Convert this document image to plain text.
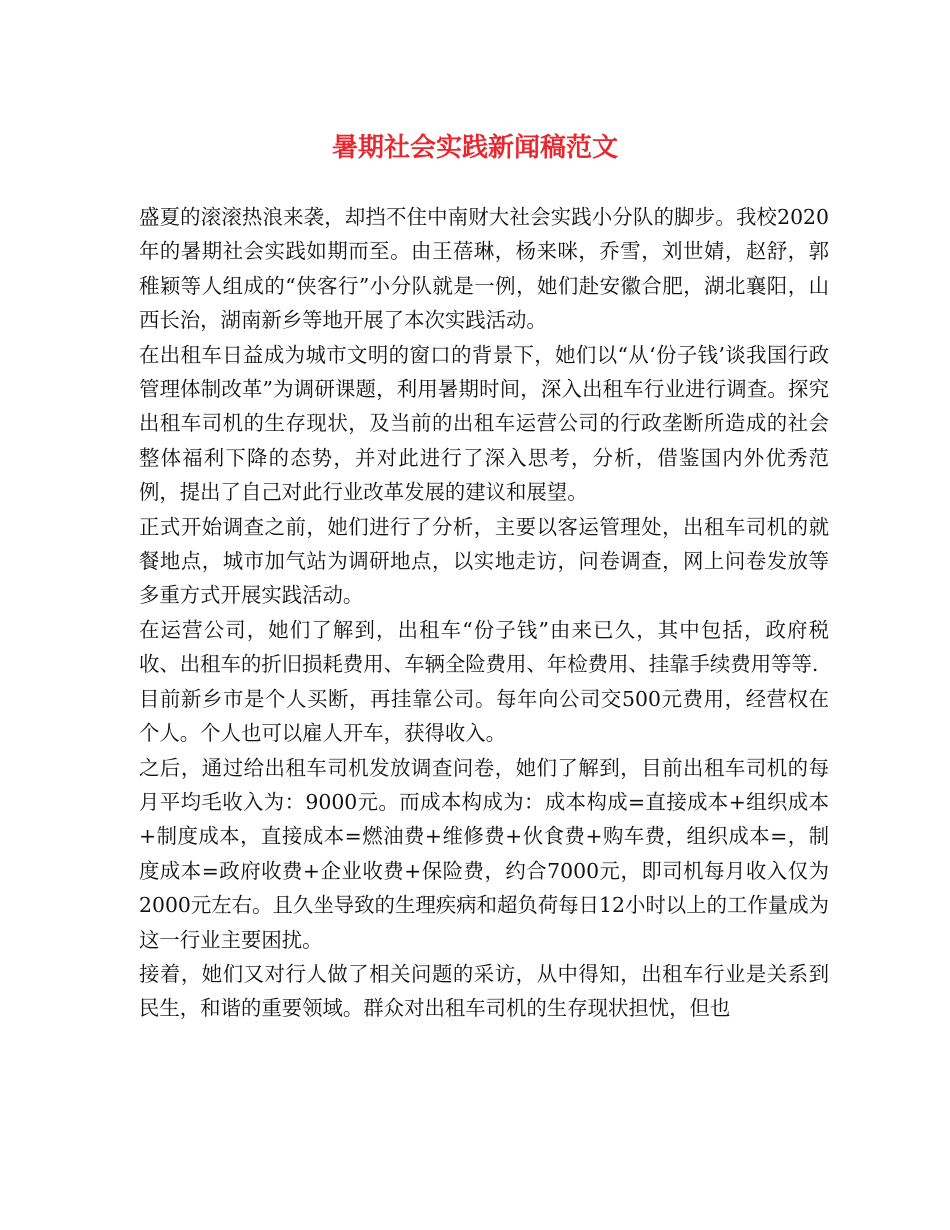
暑期社会实践新闻稿范文

盛夏的滚滚热浪来袭，却挡不住中南财大社会实践小分队的脚步。我校2020年的暑期社会实践如期而至。由王蓓琳，杨来咪，乔雪，刘世婧，赵舒，郭稚颖等人组成的“侠客行”小分队就是一例，她们赴安徽合肥，湖北襄阳，山西长治，湖南新乡等地开展了本次实践活动。

在出租车日益成为城市文明的窗口的背景下，她们以“从‘份子钱’谈我国行政管理体制改革”为调研课题，利用暑期时间，深入出租车行业进行调查。探究出租车司机的生存现状，及当前的出租车运营公司的行政垄断所造成的社会整体福利下降的态势，并对此进行了深入思考，分析，借鉴国内外优秀范例，提出了自己对此行业改革发展的建议和展望。

正式开始调查之前，她们进行了分析，主要以客运管理处，出租车司机的就餐地点，城市加气站为调研地点，以实地走访，问卷调查，网上问卷发放等多重方式开展实践活动。

在运营公司，她们了解到，出租车“份子钱”由来已久，其中包括，政府税收、出租车的折旧损耗费用、车辆全险费用、年检费用、挂靠手续费用等等.

目前新乡市是个人买断，再挂靠公司。每年向公司交500元费用，经营权在个人。个人也可以雇人开车，获得收入。

之后，通过给出租车司机发放调查问卷，她们了解到，目前出租车司机的每月平均毛收入为：9000元。而成本构成为：成本构成=直接成本+组织成本+制度成本，直接成本=燃油费+维修费+伙食费+购车费，组织成本=，制度成本=政府收费+企业收费+保险费，约合7000元，即司机每月收入仅为2000元左右。且久坐导致的生理疾病和超负荷每日12小时以上的工作量成为这一行业主要困扰。

接着，她们又对行人做了相关问题的采访，从中得知，出租车行业是关系到民生，和谐的重要领域。群众对出租车司机的生存现状担忧，但也
